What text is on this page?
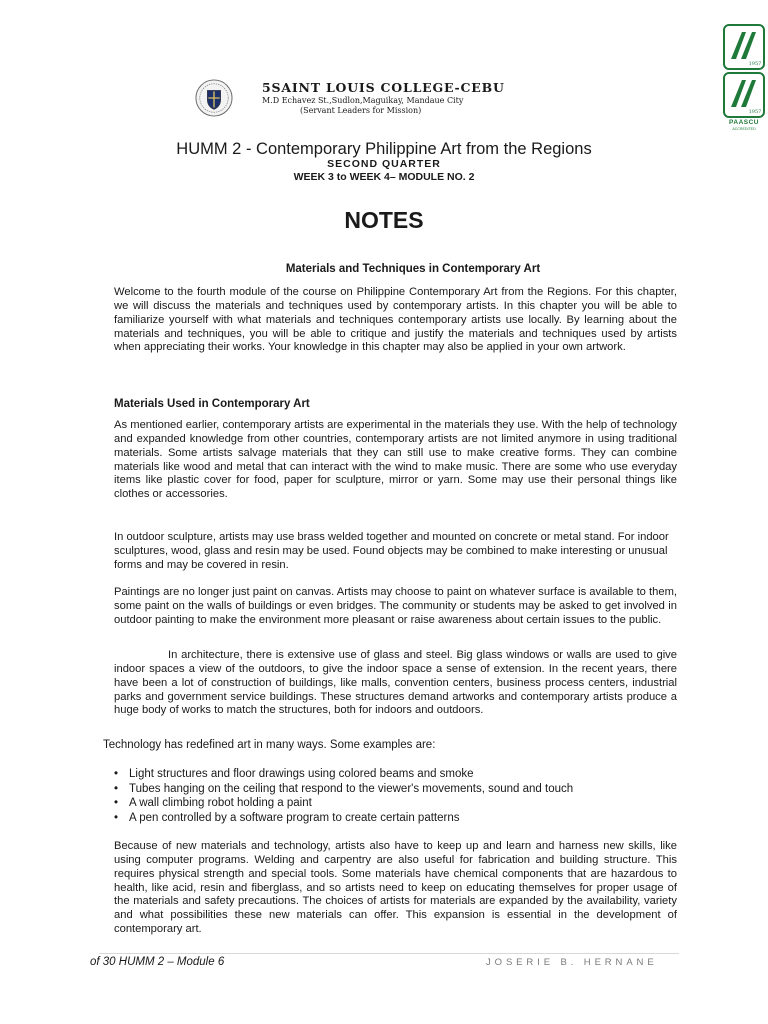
5SAINT LOUIS COLLEGE-CEBU
M.D Echavez St.,Sudlon,Maguikay, Mandaue City
(Servant Leaders for Mission)
1957
1957
PAASCU
ACCREDITED
HUMM 2 - Contemporary Philippine Art from the Regions
SECOND QUARTER
WEEK 3 to WEEK 4– MODULE NO. 2
NOTES
Materials and Techniques in Contemporary Art

Welcome to the fourth module of the course on Philippine Contemporary Art from the Regions. For this chapter, we will discuss the materials and techniques used by contemporary artists. In this chapter you will be able to familiarize yourself with what materials and techniques contemporary artists use locally. By learning about the materials and techniques, you will be able to critique and justify the materials and techniques used by artists when appreciating their works. Your knowledge in this chapter may also be applied in your own artwork.

Materials Used in Contemporary Art

As mentioned earlier, contemporary artists are experimental in the materials they use. With the help of technology and expanded knowledge from other countries, contemporary artists are not limited anymore in using traditional materials. Some artists salvage materials that they can still use to make creative forms. They can combine materials like wood and metal that can interact with the wind to make music. There are some who use everyday items like plastic cover for food, paper for sculpture, mirror or yarn. Some may use their personal things like clothes or accessories.

In outdoor sculpture, artists may use brass welded together and mounted on concrete or metal stand. For indoor sculptures, wood, glass and resin may be used. Found objects may be combined to make interesting or unusual forms and may be covered in resin.

Paintings are no longer just paint on canvas. Artists may choose to paint on whatever surface is available to them, some paint on the walls of buildings or even bridges. The community or students may be asked to get involved in outdoor painting to make the environment more pleasant or raise awareness about certain issues to the public.

In architecture, there is extensive use of glass and steel. Big glass windows or walls are used to give indoor spaces a view of the outdoors, to give the indoor space a sense of extension. In the recent years, there have been a lot of construction of buildings, like malls, convention centers, business process centers, industrial parks and government service buildings. These structures demand artworks and contemporary artists produce a huge body of works to match the structures, both for indoors and outdoors.

Technology has redefined art in many ways. Some examples are:
• Light structures and floor drawings using colored beams and smoke
• Tubes hanging on the ceiling that respond to the viewer's movements, sound and touch
• A wall climbing robot holding a paint
• A pen controlled by a software program to create certain patterns

Because of new materials and technology, artists also have to keep up and learn and harness new skills, like using computer programs. Welding and carpentry are also useful for fabrication and building structure. This requires physical strength and special tools. Some materials have chemical components that are hazardous to health, like acid, resin and fiberglass, and so artists need to keep on educating themselves for proper usage of the materials and safety precautions. The choices of artists for materials are expanded by the availability, variety and what possibilities these new materials can offer. This expansion is essential in the development of contemporary art.

of 30 HUMM 2 – Module 6	JOSERIE B. HERNANE
